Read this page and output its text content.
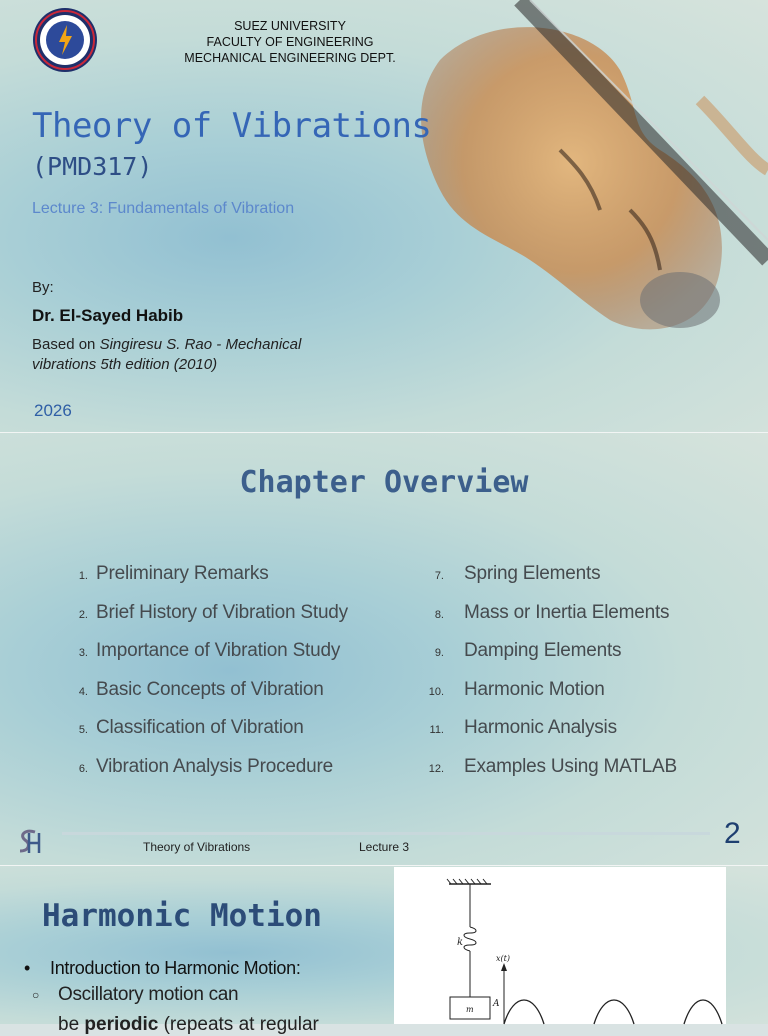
SUEZ UNIVERSITY
FACULTY OF ENGINEERING
MECHANICAL ENGINEERING DEPT.
Theory of Vibrations
(PMD317)
Lecture 3: Fundamentals of Vibration
By:
Dr. El-Sayed Habib
Based on Singiresu S. Rao - Mechanical vibrations 5th edition (2010)
2026
Chapter Overview
1. Preliminary Remarks
2. Brief History of Vibration Study
3. Importance of Vibration Study
4. Basic Concepts of Vibration
5. Classification of Vibration
6. Vibration Analysis Procedure
7. Spring Elements
8. Mass or Inertia Elements
9. Damping Elements
10. Harmonic Motion
11. Harmonic Analysis
12. Examples Using MATLAB
Theory of Vibrations	Lecture 3	2
Harmonic Motion
• Introduction to Harmonic Motion:
○ Oscillatory motion can
be periodic (repeats at regular
k
m
x(t)
A
